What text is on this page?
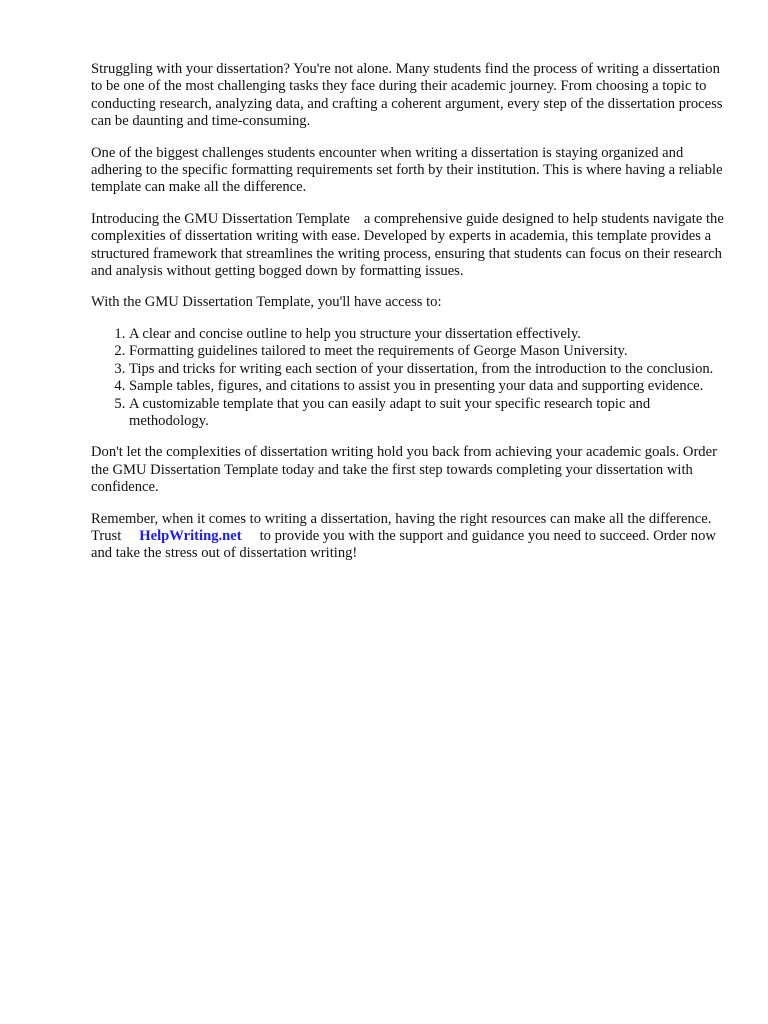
Struggling with your dissertation? You're not alone. Many students find the process of writing a dissertation to be one of the most challenging tasks they face during their academic journey. From choosing a topic to conducting research, analyzing data, and crafting a coherent argument, every step of the dissertation process can be daunting and time-consuming.

One of the biggest challenges students encounter when writing a dissertation is staying organized and adhering to the specific formatting requirements set forth by their institution. This is where having a reliable template can make all the difference.

Introducing the GMU Dissertation Template a comprehensive guide designed to help students navigate the complexities of dissertation writing with ease. Developed by experts in academia, this template provides a structured framework that streamlines the writing process, ensuring that students can focus on their research and analysis without getting bogged down by formatting issues.

With the GMU Dissertation Template, you'll have access to:

1. A clear and concise outline to help you structure your dissertation effectively.
2. Formatting guidelines tailored to meet the requirements of George Mason University.
3. Tips and tricks for writing each section of your dissertation, from the introduction to the conclusion.
4. Sample tables, figures, and citations to assist you in presenting your data and supporting evidence.
5. A customizable template that you can easily adapt to suit your specific research topic and methodology.

Don't let the complexities of dissertation writing hold you back from achieving your academic goals. Order the GMU Dissertation Template today and take the first step towards completing your dissertation with confidence.

Remember, when it comes to writing a dissertation, having the right resources can make all the difference. Trust HelpWriting.net to provide you with the support and guidance you need to succeed. Order now and take the stress out of dissertation writing!
